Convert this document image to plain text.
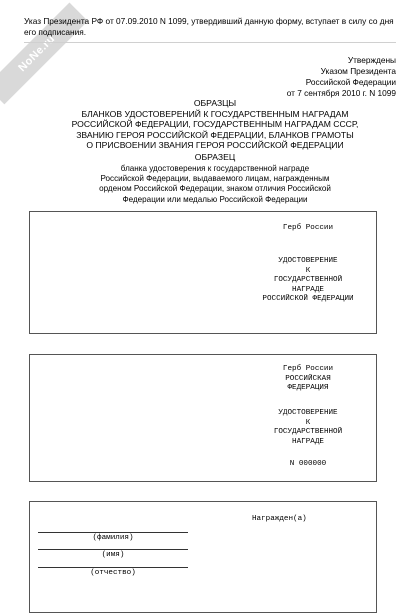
NoNe.ru
Указ Президента РФ от 07.09.2010 N 1099, утвердивший данную форму, вступает в силу со дня его подписания.
Утверждены
Указом Президента
Российской Федерации
от 7 сентября 2010 г. N 1099
ОБРАЗЦЫ
БЛАНКОВ УДОСТОВЕРЕНИЙ К ГОСУДАРСТВЕННЫМ НАГРАДАМ
РОССИЙСКОЙ ФЕДЕРАЦИИ, ГОСУДАРСТВЕННЫМ НАГРАДАМ СССР,
ЗВАНИЮ ГЕРОЯ РОССИЙСКОЙ ФЕДЕРАЦИИ, БЛАНКОВ ГРАМОТЫ
О ПРИСВОЕНИИ ЗВАНИЯ ГЕРОЯ РОССИЙСКОЙ ФЕДЕРАЦИИ
ОБРАЗЕЦ
бланка удостоверения к государственной награде
Российской Федерации, выдаваемого лицам, награжденным
орденом Российской Федерации, знаком отличия Российской
Федерации или медалью Российской Федерации
Герб России
УДОСТОВЕРЕНИЕ
К
ГОСУДАРСТВЕННОЙ
НАГРАДЕ
РОССИЙСКОЙ ФЕДЕРАЦИИ
Герб России
РОССИЙСКАЯ
ФЕДЕРАЦИЯ
УДОСТОВЕРЕНИЕ
К
ГОСУДАРСТВЕННОЙ
НАГРАДЕ
N 000000
Награжден(а)
(фамилия)
(имя)
(отчество)
